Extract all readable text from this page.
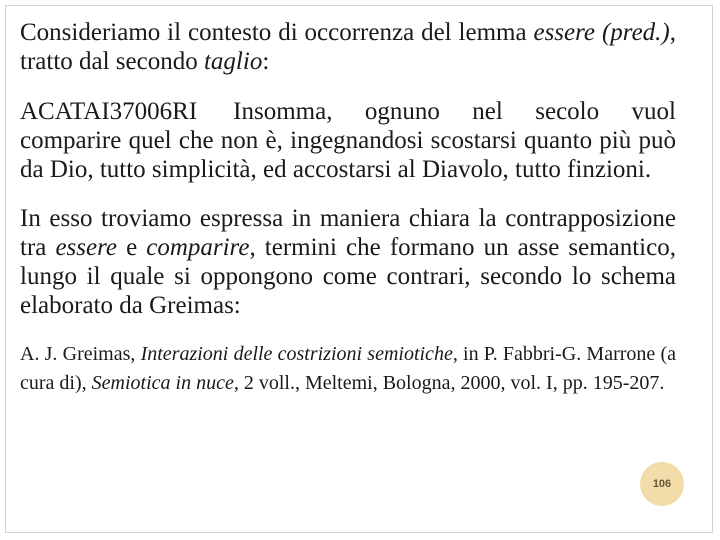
Consideriamo il contesto di occorrenza del lemma essere (pred.), tratto dal secondo taglio:

ACATAI37006RI Insomma, ognuno nel secolo vuol comparire quel che non è, ingegnandosi scostarsi quanto più può da Dio, tutto simplicità, ed accostarsi al Diavolo, tutto finzioni.

In esso troviamo espressa in maniera chiara la contrapposizione tra essere e comparire, termini che formano un asse semantico, lungo il quale si oppongono come contrari, secondo lo schema elaborato da Greimas:

A. J. Greimas, Interazioni delle costrizioni semiotiche, in P. Fabbri-G. Marrone (a cura di), Semiotica in nuce, 2 voll., Meltemi, Bologna, 2000, vol. I, pp. 195-207.

106
